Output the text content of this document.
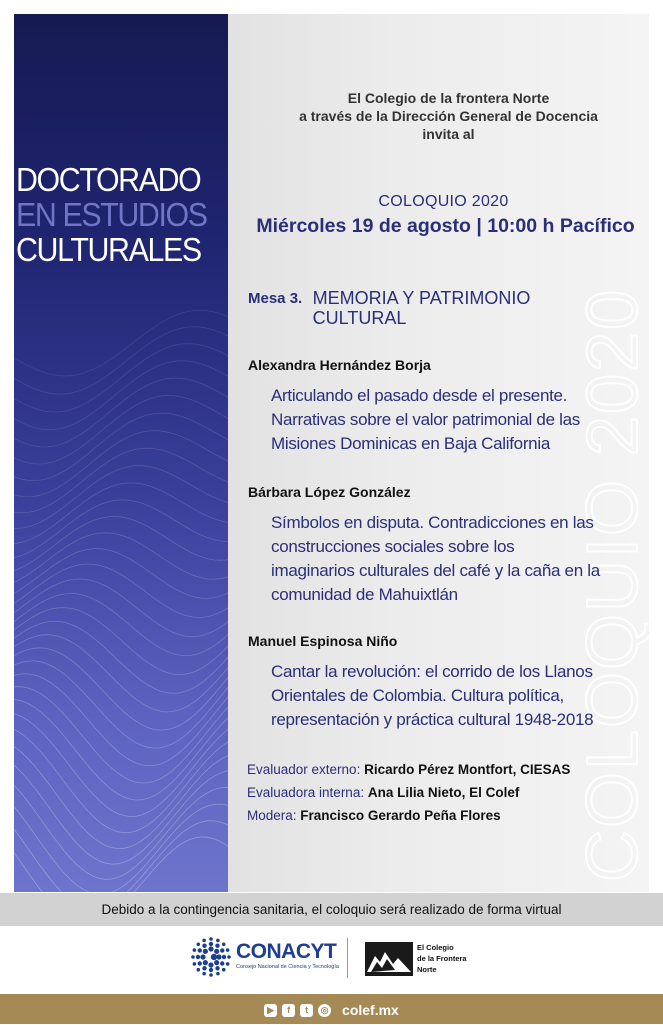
DOCTORADO
EN ESTUDIOS
CULTURALES
COLOQUIO 2020
El Colegio de la frontera Norte
a través de la Dirección General de Docencia
invita al
COLOQUIO 2020
Miércoles 19 de agosto | 10:00 h Pacífico
Mesa 3. MEMORIA Y PATRIMONIO
CULTURAL
Alexandra Hernández Borja
Articulando el pasado desde el presente.
Narrativas sobre el valor patrimonial de las
Misiones Dominicas en Baja California
Bárbara López González
Símbolos en disputa. Contradicciones en las
construcciones sociales sobre los
imaginarios culturales del café y la caña en la
comunidad de Mahuixtlán
Manuel Espinosa Niño
Cantar la revolución: el corrido de los Llanos
Orientales de Colombia. Cultura política,
representación y práctica cultural 1948-2018
Evaluador externo: Ricardo Pérez Montfort, CIESAS
Evaluadora interna: Ana Lilia Nieto, El Colef
Modera: Francisco Gerardo Peña Flores
Debido a la contingencia sanitaria, el coloquio será realizado de forma virtual
CONACYT
Consejo Nacional de Ciencia y Tecnología
El Colegio
de la Frontera
Norte
▶ f t ◎ colef.mx
